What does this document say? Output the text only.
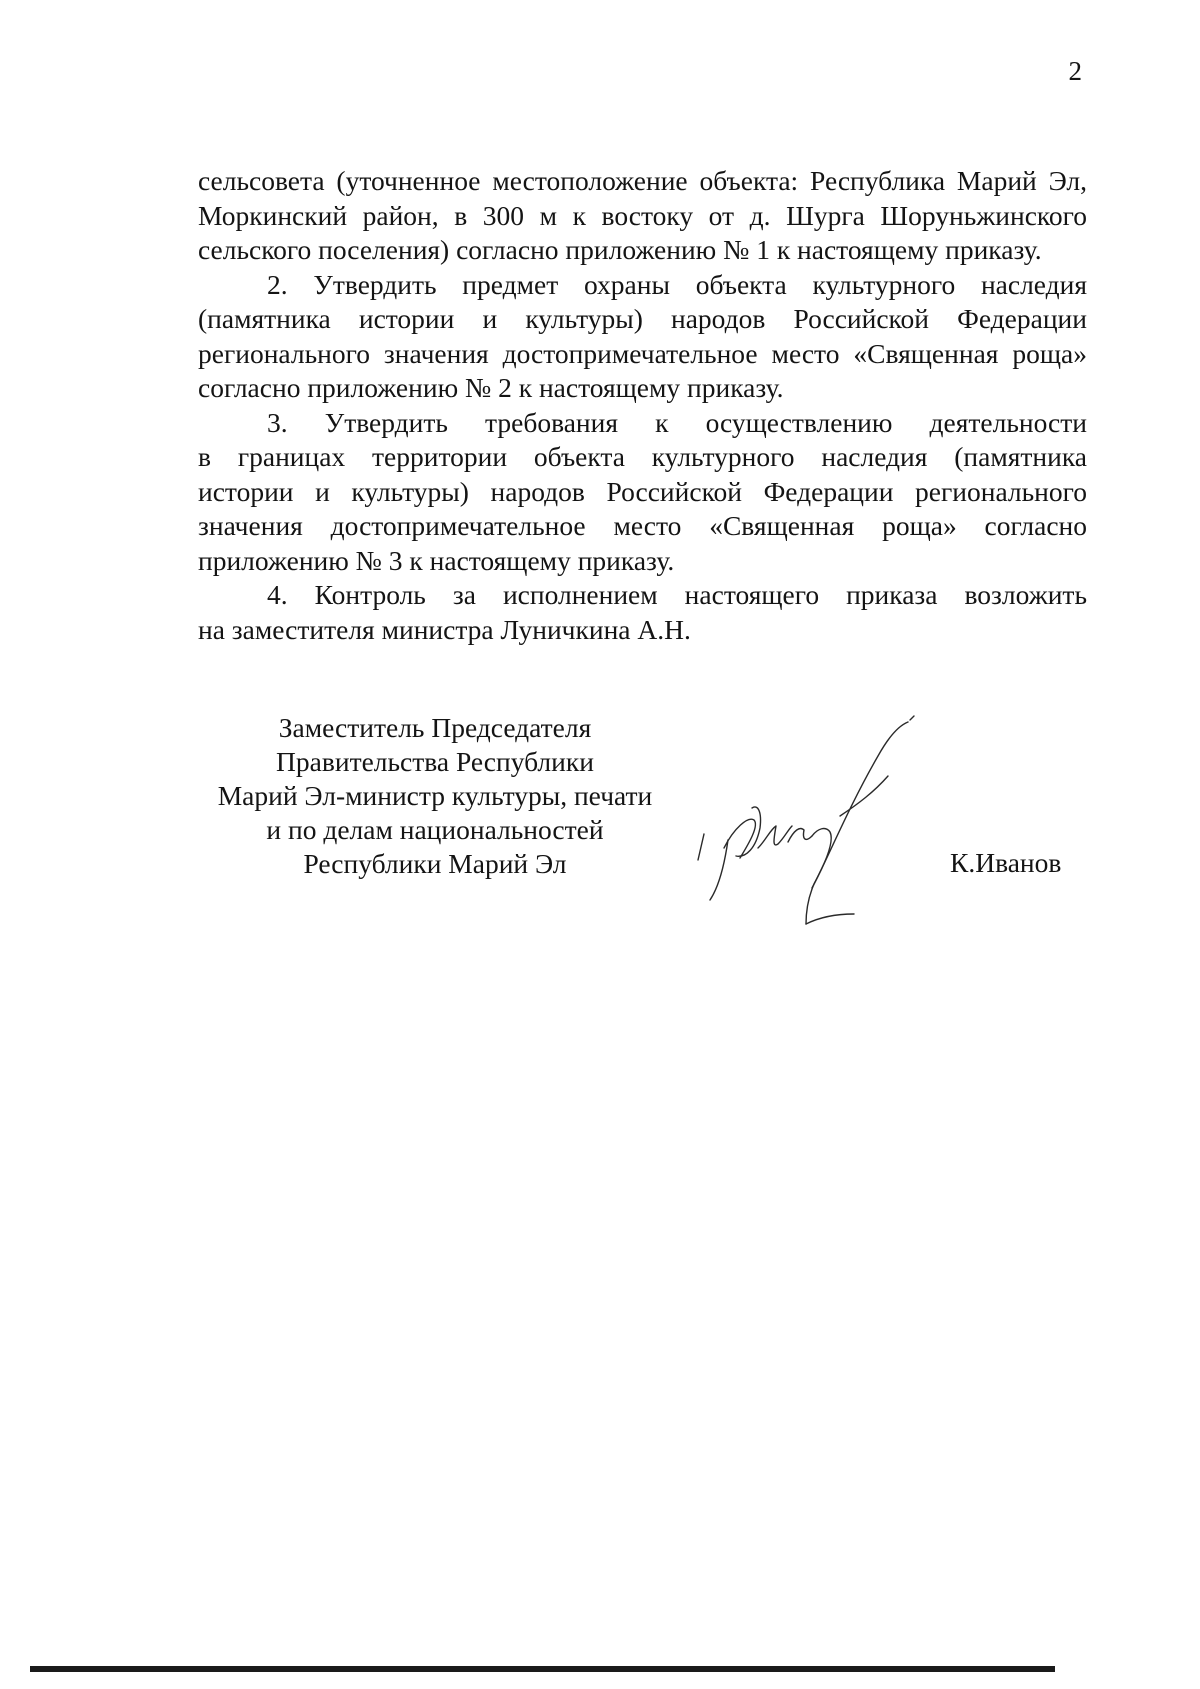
2

сельсовета (уточненное местоположение объекта: Республика Марий Эл,

Моркинский район, в 300 м к востоку от д. Шурга Шоруньжинского

сельского поселения) согласно приложению № 1 к настоящему приказу.

2. Утвердить предмет охраны объекта культурного наследия

(памятника истории и культуры) народов Российской Федерации

регионального значения достопримечательное место «Священная роща»

согласно приложению № 2 к настоящему приказу.

3. Утвердить требования к осуществлению деятельности

в границах территории объекта культурного наследия (памятника

истории и культуры) народов Российской Федерации регионального

значения достопримечательное место «Священная роща» согласно

приложению № 3 к настоящему приказу.

4. Контроль за исполнением настоящего приказа возложить

на заместителя министра Луничкина А.Н.

Заместитель Председателя
Правительства Республики
Марий Эл-министр культуры, печати
и по делам национальностей
Республики Марий Эл	К.Иванов
